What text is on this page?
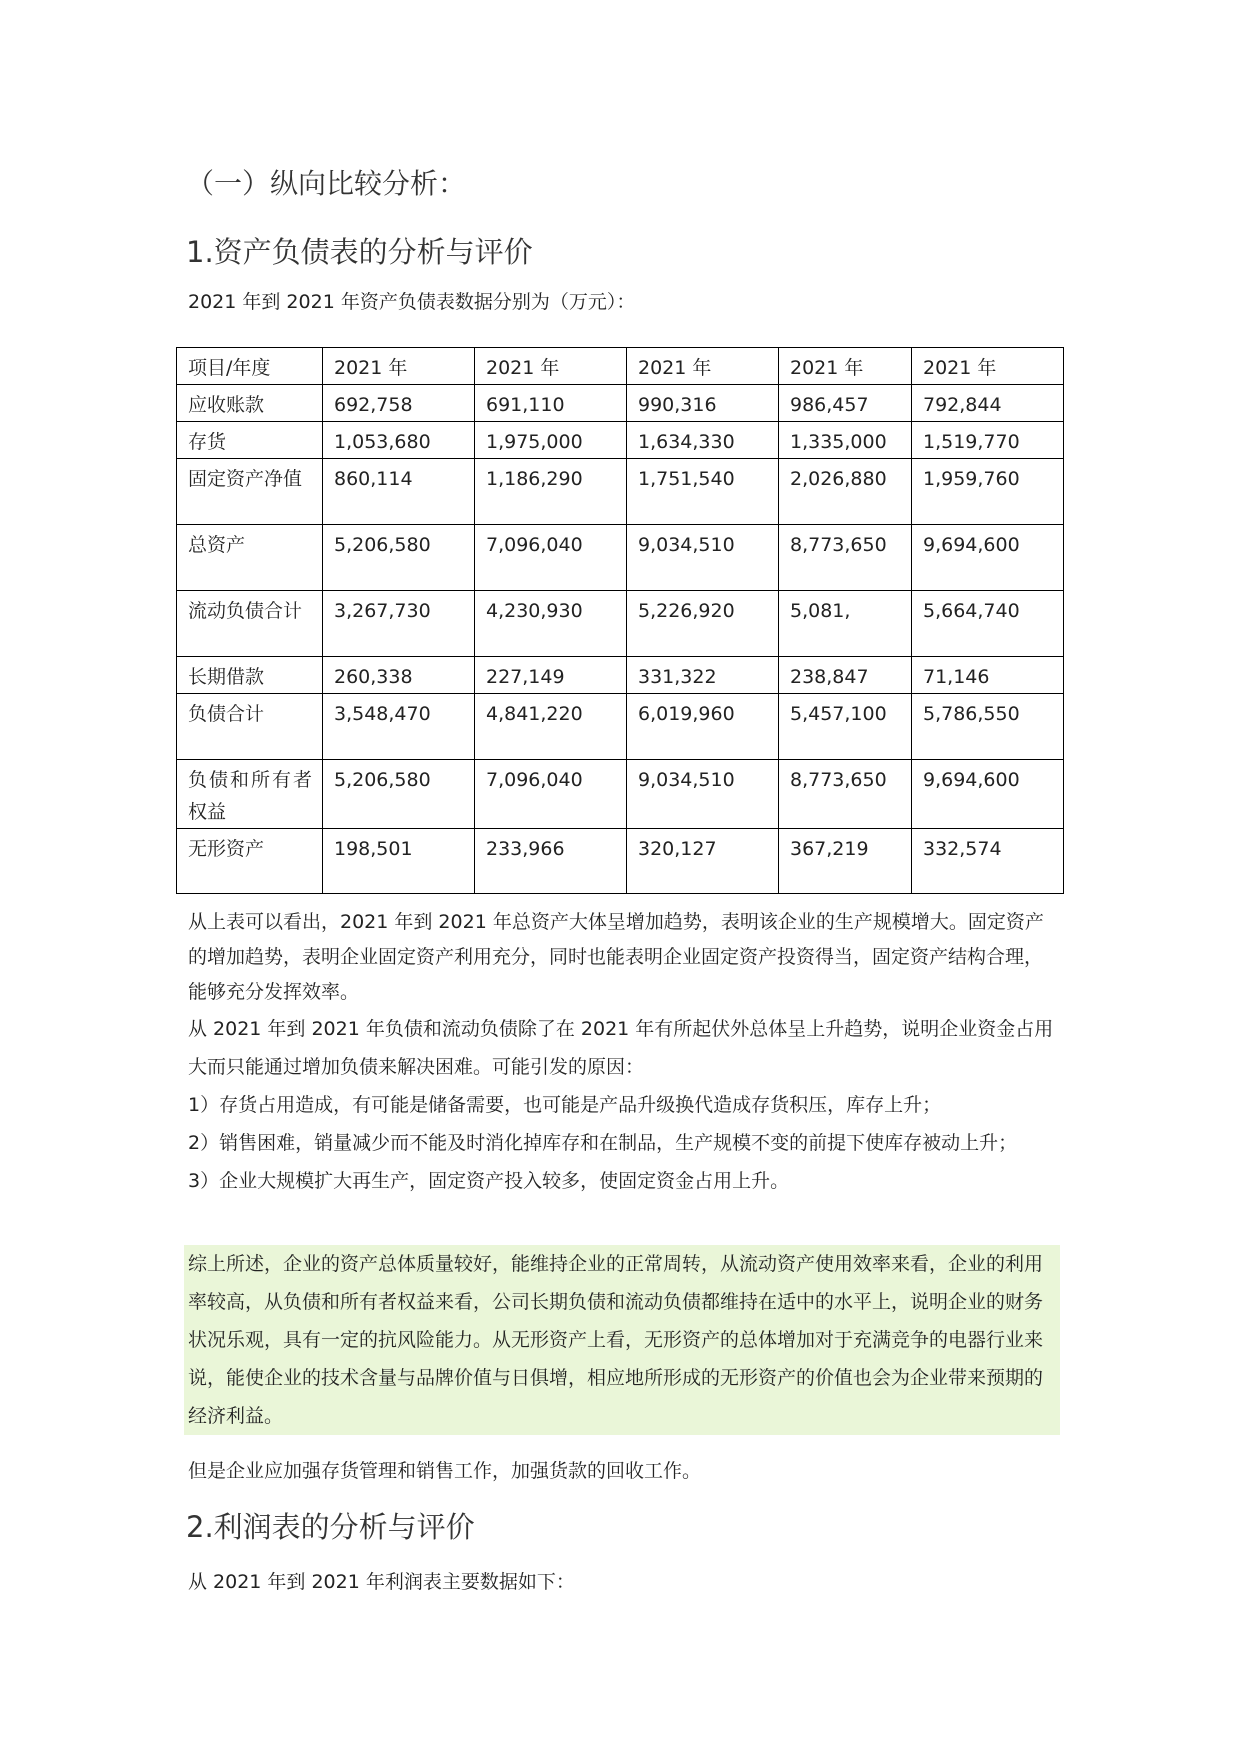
（一）纵向比较分析：
1.资产负债表的分析与评价
2021 年到 2021 年资产负债表数据分别为（万元）：
项目/年度	2021 年	2021 年	2021 年	2021 年	2021 年
应收账款	692,758	691,110	990,316	986,457	792,844
存货	1,053,680	1,975,000	1,634,330	1,335,000	1,519,770
固定资产净值	860,114	1,186,290	1,751,540	2,026,880	1,959,760
总资产	5,206,580	7,096,040	9,034,510	8,773,650	9,694,600
流动负债合计	3,267,730	4,230,930	5,226,920	5,081,	5,664,740
长期借款	260,338	227,149	331,322	238,847	71,146
负债合计	3,548,470	4,841,220	6,019,960	5,457,100	5,786,550
负债和所有者权益	5,206,580	7,096,040	9,034,510	8,773,650	9,694,600
无形资产	198,501	233,966	320,127	367,219	332,574

从上表可以看出，2021 年到 2021 年总资产大体呈增加趋势，表明该企业的生产规模增大。固定资产的增加趋势，表明企业固定资产利用充分，同时也能表明企业固定资产投资得当，固定资产结构合理，能够充分发挥效率。

从 2021 年到 2021 年负债和流动负债除了在 2021 年有所起伏外总体呈上升趋势，说明企业资金占用大而只能通过增加负债来解决困难。可能引发的原因：

1）存货占用造成，有可能是储备需要，也可能是产品升级换代造成存货积压，库存上升；

2）销售困难，销量减少而不能及时消化掉库存和在制品，生产规模不变的前提下使库存被动上升；

3）企业大规模扩大再生产，固定资产投入较多，使固定资金占用上升。

综上所述，企业的资产总体质量较好，能维持企业的正常周转，从流动资产使用效率来看，企业的利用率较高，从负债和所有者权益来看，公司长期负债和流动负债都维持在适中的水平上，说明企业的财务状况乐观，具有一定的抗风险能力。从无形资产上看，无形资产的总体增加对于充满竞争的电器行业来说，能使企业的技术含量与品牌价值与日俱增，相应地所形成的无形资产的价值也会为企业带来预期的经济利益。

但是企业应加强存货管理和销售工作，加强货款的回收工作。

2.利润表的分析与评价
从 2021 年到 2021 年利润表主要数据如下：
